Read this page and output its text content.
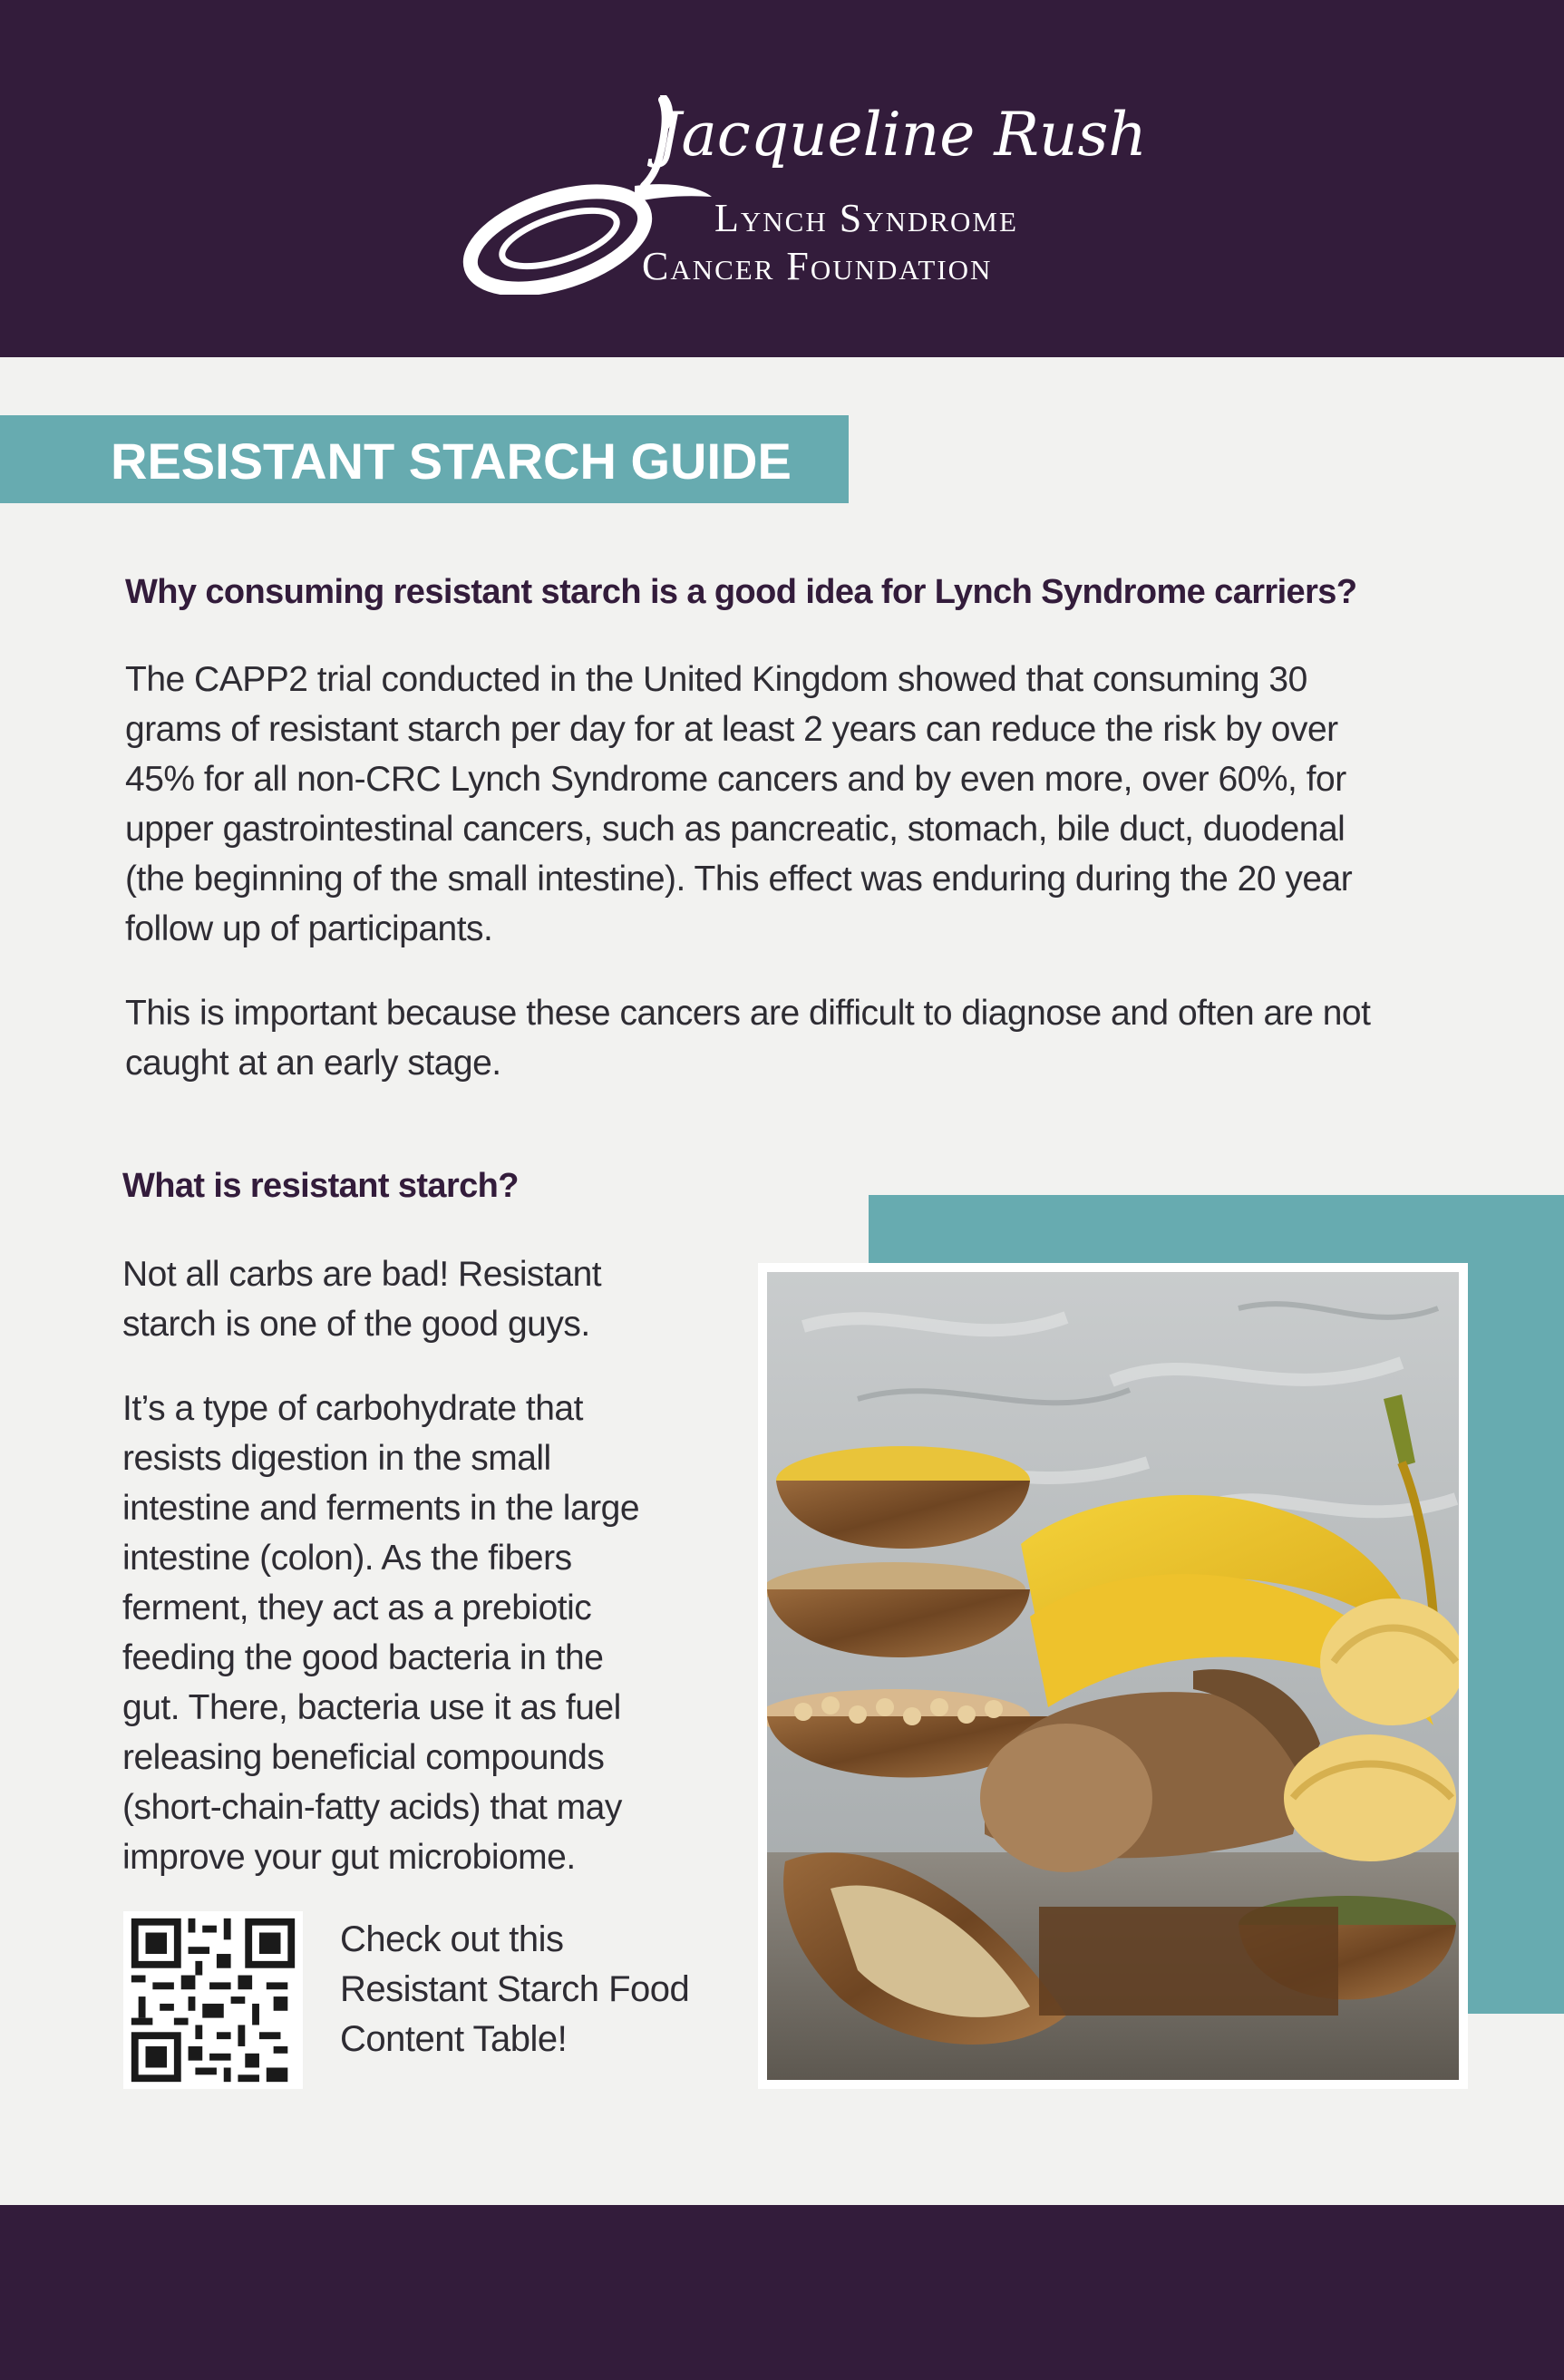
Jacqueline Rush
Lynch Syndrome
Cancer Foundation
RESISTANT STARCH GUIDE
Why consuming resistant starch is a good idea for Lynch Syndrome carriers?
The CAPP2 trial conducted in the United Kingdom showed that consuming 30
grams of resistant starch per day for at least 2 years can reduce the risk by over
45% for all non-CRC Lynch Syndrome cancers and by even more, over 60%, for
upper gastrointestinal cancers, such as pancreatic, stomach, bile duct, duodenal
(the beginning of the small intestine). This effect was enduring during the 20 year
follow up of participants.
This is important because these cancers are difficult to diagnose and often are not
caught at an early stage.
What is resistant starch?
Not all carbs are bad! Resistant
starch is one of the good guys.
It’s a type of carbohydrate that
resists digestion in the small
intestine and ferments in the large
intestine (colon). As the fibers
ferment, they act as a prebiotic
feeding the good bacteria in the
gut. There, bacteria use it as fuel
releasing beneficial compounds
(short-chain-fatty acids) that may
improve your gut microbiome.
Check out this
Resistant Starch Food
Content Table!
